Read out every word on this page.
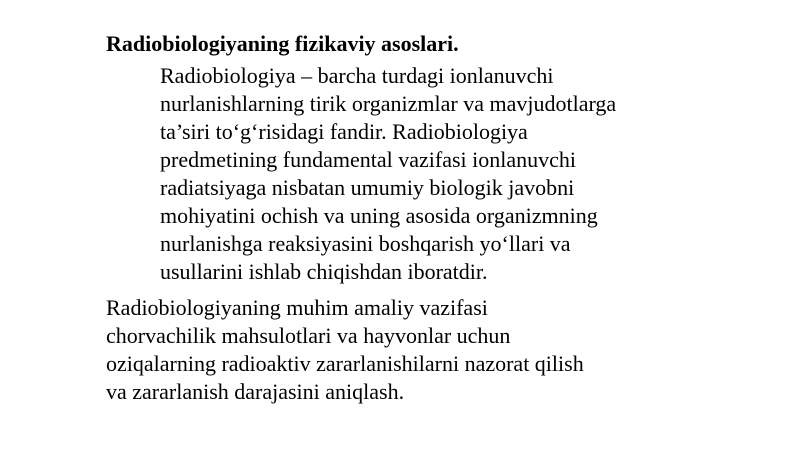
Radiobiologiyaning fizikaviy asoslari.

Radiobiologiya – barcha turdagi ionlanuvchi
nurlanishlarning tirik organizmlar va mavjudotlarga
ta’siri to‘g‘risidagi fandir. Radiobiologiya
predmetining fundamental vazifasi ionlanuvchi
radiatsiyaga nisbatan umumiy biologik javobni
mohiyatini ochish va uning asosida organizmning
nurlanishga reaksiyasini boshqarish yo‘llari va
usullarini ishlab chiqishdan iboratdir.

Radiobiologiyaning muhim amaliy vazifasi
chorvachilik mahsulotlari va hayvonlar uchun
oziqalarning radioaktiv zararlanishilarni nazorat qilish
va zararlanish darajasini aniqlash.
